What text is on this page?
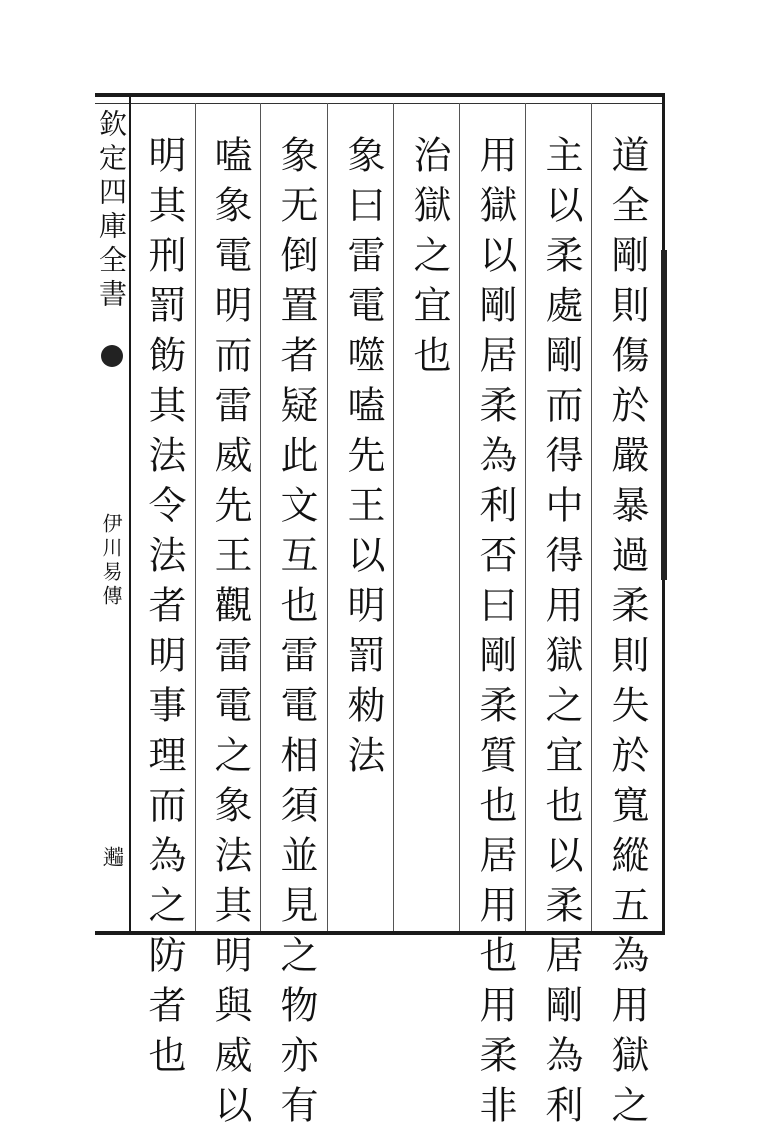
欽定四庫全書
伊川易傳
𨘼	道全剛則傷於嚴暴過柔則失於寬縱五為用獄之
主以柔處剛而得中得用獄之宜也以柔居剛為利
用獄以剛居柔為利否曰剛柔質也居用也用柔非
治獄之宜也
象曰雷電噬嗑先王以明罰勑法
象无倒置者疑此文互也雷電相須並見之物亦有
嗑象電明而雷威先王觀雷電之象法其明與威以
明其刑罰飭其法令法者明事理而為之防者也
